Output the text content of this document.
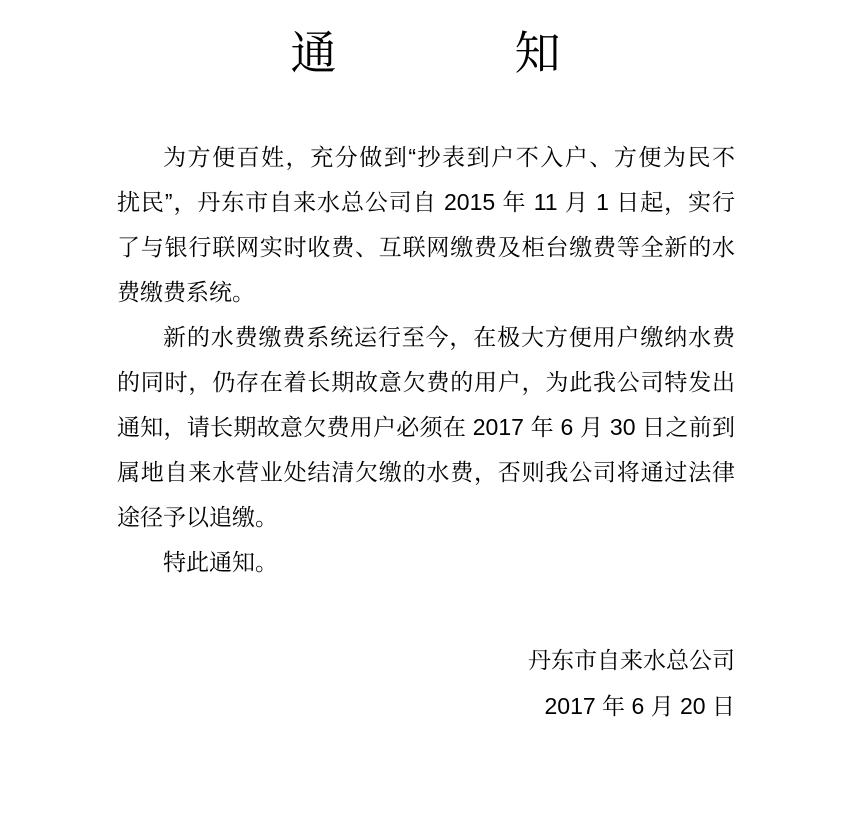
通	知
为方便百姓，充分做到“抄表到户不入户、方便为民不
扰民”，丹东市自来水总公司自 2015 年 11 月 1 日起，实行
了与银行联网实时收费、互联网缴费及柜台缴费等全新的水
费缴费系统。
新的水费缴费系统运行至今，在极大方便用户缴纳水费
的同时，仍存在着长期故意欠费的用户，为此我公司特发出
通知，请长期故意欠费用户必须在 2017 年 6 月 30 日之前到
属地自来水营业处结清欠缴的水费，否则我公司将通过法律
途径予以追缴。
特此通知。
丹东市自来水总公司
2017 年 6 月 20 日
